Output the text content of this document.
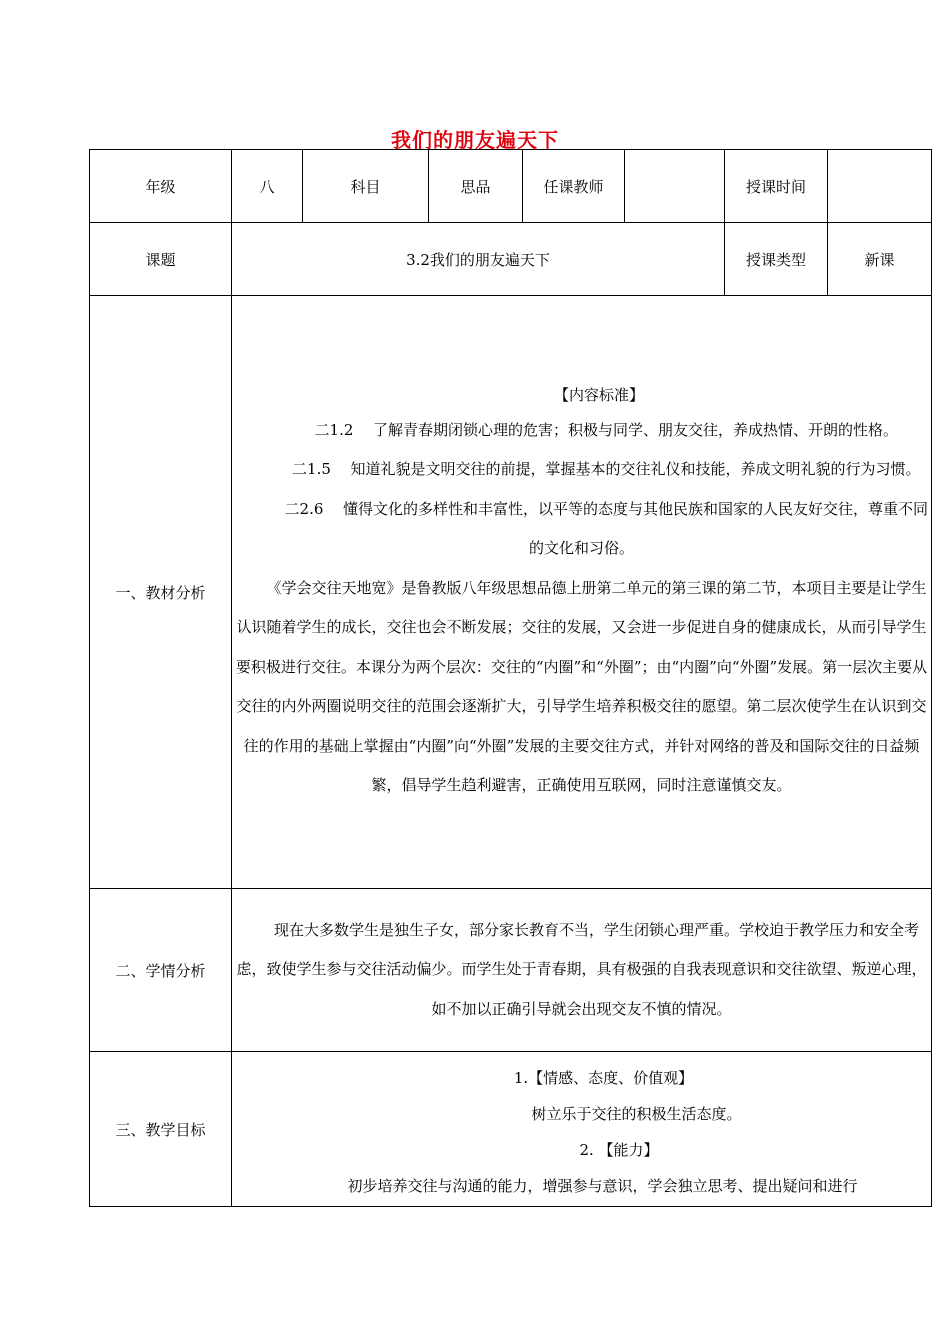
我们的朋友遍天下
年级	八	科目	思品	任课教师		授课时间	
课题	3.2我们的朋友遍天下					授课类型	新课
一、教材分析	【内容标准】

二1.2 了解青春期闭锁心理的危害；积极与同学、朋友交往，养成热情、开朗的性格。

二1.5 知道礼貌是文明交往的前提，掌握基本的交往礼仪和技能，养成文明礼貌的行为习惯。

二2.6 懂得文化的多样性和丰富性，以平等的态度与其他民族和国家的人民友好交往，尊重不同的文化和习俗。

《学会交往天地宽》是鲁教版八年级思想品德上册第二单元的第三课的第二节，本项目主要是让学生认识随着学生的成长，交往也会不断发展；交往的发展，又会进一步促进自身的健康成长，从而引导学生要积极进行交往。本课分为两个层次：交往的“内圈”和“外圈”；由“内圈”向“外圈”发展。第一层次主要从交往的内外两圈说明交往的范围会逐渐扩大，引导学生培养积极交往的愿望。第二层次使学生在认识到交往的作用的基础上掌握由“内圈”向“外圈”发展的主要交往方式，并针对网络的普及和国际交往的日益频繁，倡导学生趋利避害，正确使用互联网，同时注意谨慎交友。						

二、学情分析	现在大多数学生是独生子女，部分家长教育不当，学生闭锁心理严重。学校迫于教学压力和安全考虑，致使学生参与交往活动偏少。而学生处于青春期，具有极强的自我表现意识和交往欲望、叛逆心理，如不加以正确引导就会出现交友不慎的情况。						

三、教学目标	1.【情感、态度、价值观】

树立乐于交往的积极生活态度。

2. 【能力】

初步培养交往与沟通的能力，增强参与意识，学会独立思考、提出疑问和进行						
